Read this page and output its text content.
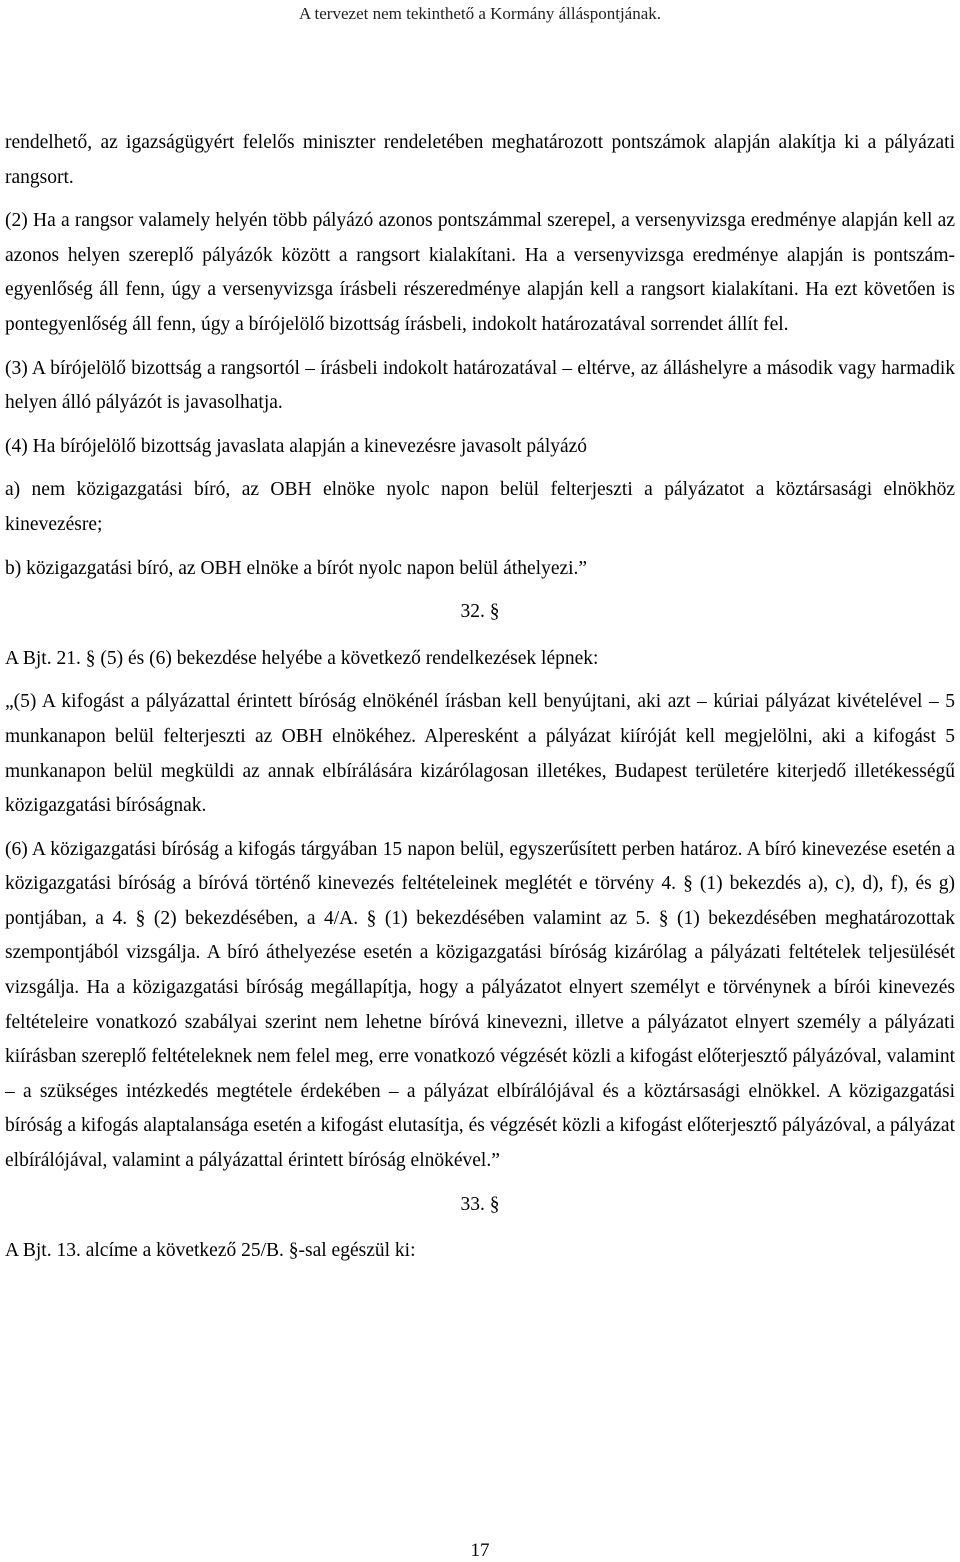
A tervezet nem tekinthető a Kormány álláspontjának.

rendelhető, az igazságügyért felelős miniszter rendeletében meghatározott pontszámok alapján alakítja ki a pályázati rangsort.

(2) Ha a rangsor valamely helyén több pályázó azonos pontszámmal szerepel, a versenyvizsga eredménye alapján kell az azonos helyen szereplő pályázók között a rangsort kialakítani. Ha a versenyvizsga eredménye alapján is pontszám-egyenlőség áll fenn, úgy a versenyvizsga írásbeli részeredménye alapján kell a rangsort kialakítani. Ha ezt követően is pontegyenlőség áll fenn, úgy a bírójelölő bizottság írásbeli, indokolt határozatával sorrendet állít fel.

(3) A bírójelölő bizottság a rangsortól – írásbeli indokolt határozatával – eltérve, az álláshelyre a második vagy harmadik helyen álló pályázót is javasolhatja.

(4) Ha bírójelölő bizottság javaslata alapján a kinevezésre javasolt pályázó

a) nem közigazgatási bíró, az OBH elnöke nyolc napon belül felterjeszti a pályázatot a köztársasági elnökhöz kinevezésre;

b) közigazgatási bíró, az OBH elnöke a bírót nyolc napon belül áthelyezi.”

32. §

A Bjt. 21. § (5) és (6) bekezdése helyébe a következő rendelkezések lépnek:

„(5) A kifogást a pályázattal érintett bíróság elnökénél írásban kell benyújtani, aki azt – kúriai pályázat kivételével – 5 munkanapon belül felterjeszti az OBH elnökéhez. Alperesként a pályázat kiíróját kell megjelölni, aki a kifogást 5 munkanapon belül megküldi az annak elbírálására kizárólagosan illetékes, Budapest területére kiterjedő illetékességű közigazgatási bíróságnak.

(6) A közigazgatási bíróság a kifogás tárgyában 15 napon belül, egyszerűsített perben határoz. A bíró kinevezése esetén a közigazgatási bíróság a bíróvá történő kinevezés feltételeinek meglétét e törvény 4. § (1) bekezdés a), c), d), f), és g) pontjában, a 4. § (2) bekezdésében, a 4/A. § (1) bekezdésében valamint az 5. § (1) bekezdésében meghatározottak szempontjából vizsgálja. A bíró áthelyezése esetén a közigazgatási bíróság kizárólag a pályázati feltételek teljesülését vizsgálja. Ha a közigazgatási bíróság megállapítja, hogy a pályázatot elnyert személyt e törvénynek a bírói kinevezés feltételeire vonatkozó szabályai szerint nem lehetne bíróvá kinevezni, illetve a pályázatot elnyert személy a pályázati kiírásban szereplő feltételeknek nem felel meg, erre vonatkozó végzését közli a kifogást előterjesztő pályázóval, valamint – a szükséges intézkedés megtétele érdekében – a pályázat elbírálójával és a köztársasági elnökkel. A közigazgatási bíróság a kifogás alaptalansága esetén a kifogást elutasítja, és végzését közli a kifogást előterjesztő pályázóval, a pályázat elbírálójával, valamint a pályázattal érintett bíróság elnökével.”

33. §

A Bjt. 13. alcíme a következő 25/B. §-sal egészül ki:

17
